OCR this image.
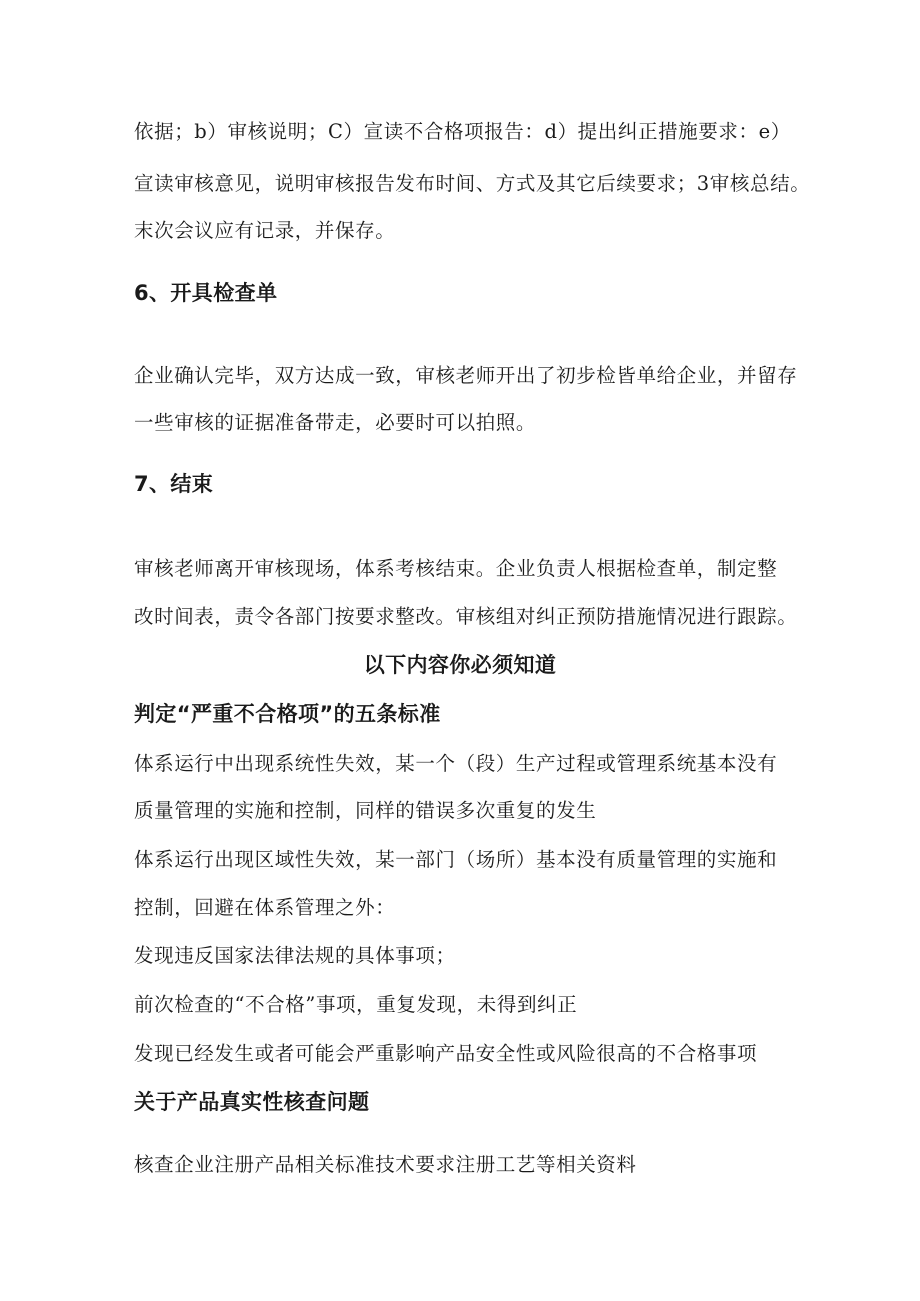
依据；b）审核说明；C）宣读不合格项报告：d）提出纠正措施要求：e）

宣读审核意见，说明审核报告发布时间、方式及其它后续要求；3审核总结。

末次会议应有记录，并保存。

6、开具检查单

企业确认完毕，双方达成一致，审核老师开出了初步检皆单给企业，并留存

一些审核的证据准备带走，必要时可以拍照。

7、结束

审核老师离开审核现场，体系考核结束。企业负责人根据检查单，制定整

改时间表，责令各部门按要求整改。审核组对纠正预防措施情况进行跟踪。

以下内容你必须知道
判定“严重不合格项”的五条标准

体系运行中出现系统性失效，某一个（段）生产过程或管理系统基本没有

质量管理的实施和控制，同样的错误多次重复的发生

体系运行出现区域性失效，某一部门（场所）基本没有质量管理的实施和

控制，回避在体系管理之外：

发现违反国家法律法规的具体事项；

前次检查的“不合格”事项，重复发现，未得到纠正

发现已经发生或者可能会严重影响产品安全性或风险很高的不合格事项

关于产品真实性核查问题

核查企业注册产品相关标准技术要求注册工艺等相关资料
